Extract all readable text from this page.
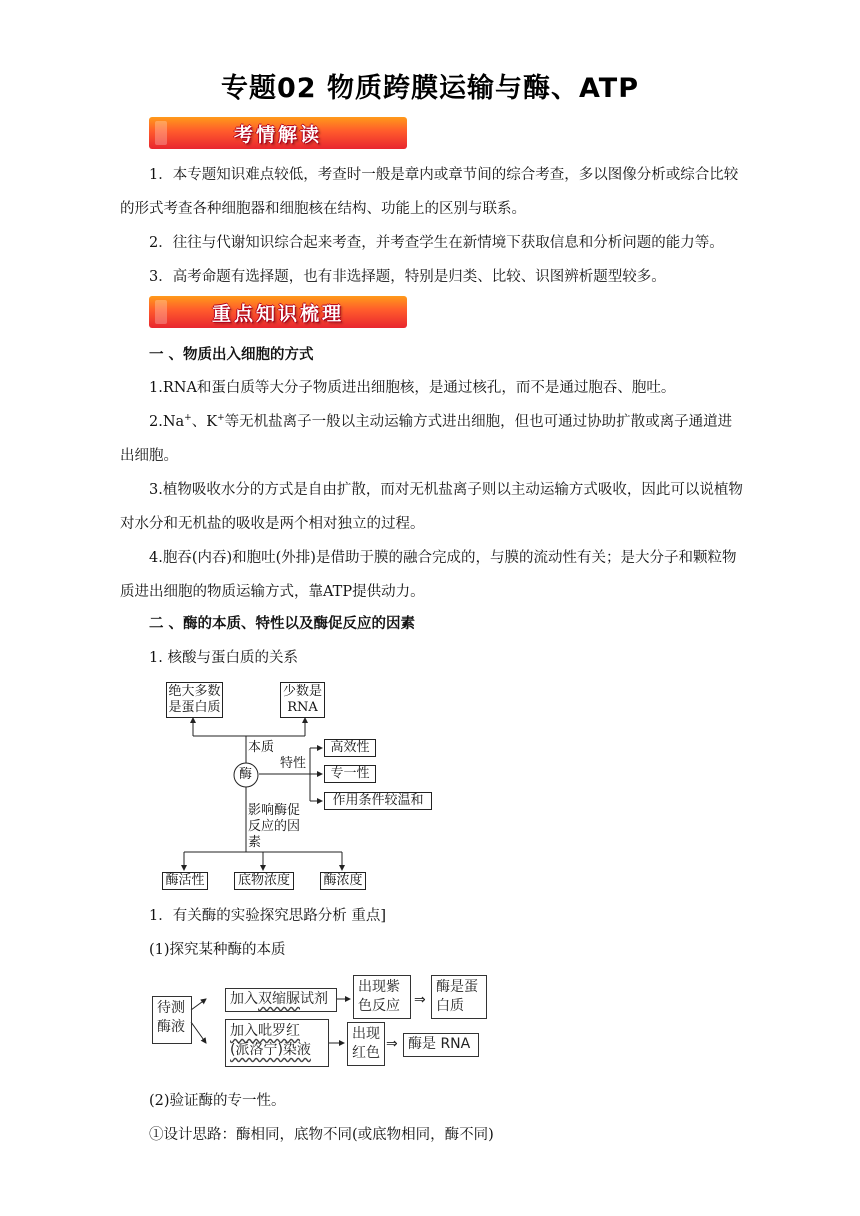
专题02 物质跨膜运输与酶、ATP
考情解读
1．本专题知识难点较低，考查时一般是章内或章节间的综合考查，多以图像分析或综合比较的形式考查各种细胞器和细胞核在结构、功能上的区别与联系。
2．往往与代谢知识综合起来考查，并考查学生在新情境下获取信息和分析问题的能力等。
3．高考命题有选择题，也有非选择题，特别是归类、比较、识图辨析题型较多。
重点知识梳理
一 、物质出入细胞的方式
1.RNA和蛋白质等大分子物质进出细胞核，是通过核孔，而不是通过胞吞、胞吐。
2.Na+、K+等无机盐离子一般以主动运输方式进出细胞，但也可通过协助扩散或离子通道进出细胞。
3.植物吸收水分的方式是自由扩散，而对无机盐离子则以主动运输方式吸收，因此可以说植物对水分和无机盐的吸收是两个相对独立的过程。
4.胞吞(内吞)和胞吐(外排)是借助于膜的融合完成的，与膜的流动性有关；是大分子和颗粒物质进出细胞的物质运输方式，靠ATP提供动力。
二 、酶的本质、特性以及酶促反应的因素
1. 核酸与蛋白质的关系
绝大多数是蛋白质
少数是RNA
本质
特性
酶
高效性
专一性
作用条件较温和
影响酶促反应的因素
酶活性	底物浓度	酶浓度
1．有关酶的实验探究思路分析 重点]
(1)探究某种酶的本质
⇒
⇒
待测酶液
加入双缩脲试剂
出现紫色反应
酶是蛋白质
加入吡罗红
(派洛宁)染液
出现红色
酶是 RNA
(2)验证酶的专一性。
①设计思路：酶相同，底物不同(或底物相同，酶不同)
